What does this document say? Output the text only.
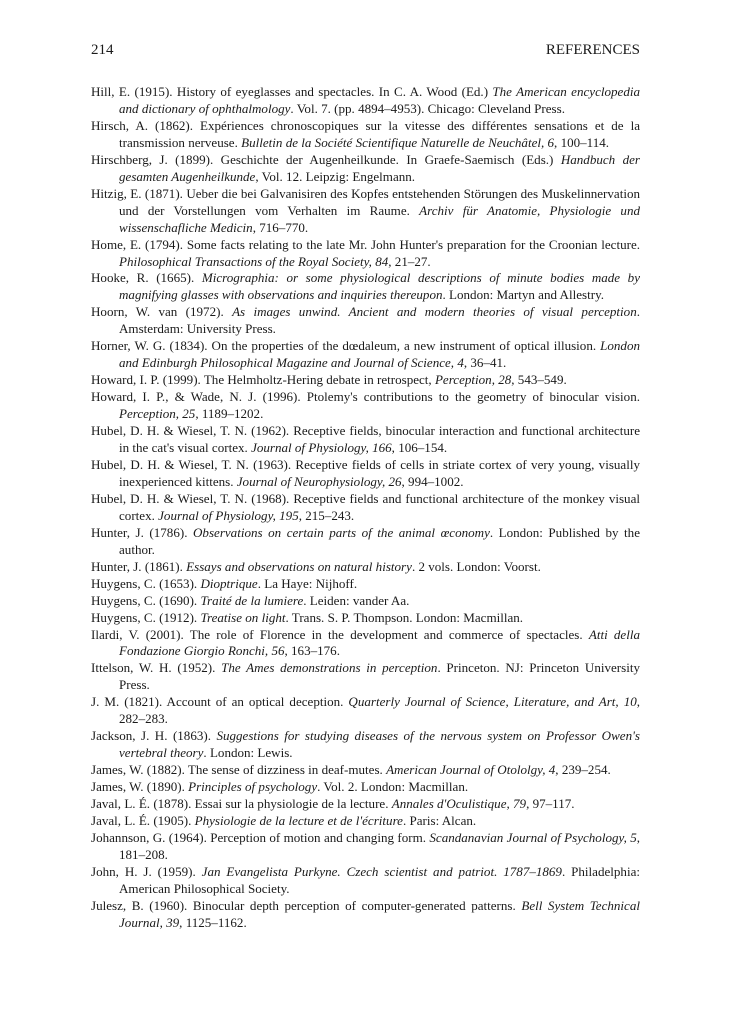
214	REFERENCES

Hill, E. (1915). History of eyeglasses and spectacles. In C. A. Wood (Ed.) The American encyclopedia and dictionary of ophthalmology. Vol. 7. (pp. 4894–4953). Chicago: Cleveland Press.

Hirsch, A. (1862). Expériences chronoscopiques sur la vitesse des différentes sensations et de la transmission nerveuse. Bulletin de la Société Scientifique Naturelle de Neuchâtel, 6, 100–114.

Hirschberg, J. (1899). Geschichte der Augenheilkunde. In Graefe-Saemisch (Eds.) Handbuch der gesamten Augenheilkunde, Vol. 12. Leipzig: Engelmann.

Hitzig, E. (1871). Ueber die bei Galvanisiren des Kopfes entstehenden Störungen des Muskelinnervation und der Vorstellungen vom Verhalten im Raume. Archiv für Anatomie, Physiologie und wissenschafliche Medicin, 716–770.

Home, E. (1794). Some facts relating to the late Mr. John Hunter's preparation for the Croonian lecture. Philosophical Transactions of the Royal Society, 84, 21–27.

Hooke, R. (1665). Micrographia: or some physiological descriptions of minute bodies made by magnifying glasses with observations and inquiries thereupon. London: Martyn and Allestry.

Hoorn, W. van (1972). As images unwind. Ancient and modern theories of visual perception. Amsterdam: University Press.

Horner, W. G. (1834). On the properties of the dœdaleum, a new instrument of optical illusion. London and Edinburgh Philosophical Magazine and Journal of Science, 4, 36–41.

Howard, I. P. (1999). The Helmholtz-Hering debate in retrospect, Perception, 28, 543–549.

Howard, I. P., & Wade, N. J. (1996). Ptolemy's contributions to the geometry of binocular vision. Perception, 25, 1189–1202.

Hubel, D. H. & Wiesel, T. N. (1962). Receptive fields, binocular interaction and functional architecture in the cat's visual cortex. Journal of Physiology, 166, 106–154.

Hubel, D. H. & Wiesel, T. N. (1963). Receptive fields of cells in striate cortex of very young, visually inexperienced kittens. Journal of Neurophysiology, 26, 994–1002.

Hubel, D. H. & Wiesel, T. N. (1968). Receptive fields and functional architecture of the monkey visual cortex. Journal of Physiology, 195, 215–243.

Hunter, J. (1786). Observations on certain parts of the animal œconomy. London: Published by the author.

Hunter, J. (1861). Essays and observations on natural history. 2 vols. London: Voorst.

Huygens, C. (1653). Dioptrique. La Haye: Nijhoff.

Huygens, C. (1690). Traité de la lumiere. Leiden: vander Aa.

Huygens, C. (1912). Treatise on light. Trans. S. P. Thompson. London: Macmillan.

Ilardi, V. (2001). The role of Florence in the development and commerce of spectacles. Atti della Fondazione Giorgio Ronchi, 56, 163–176.

Ittelson, W. H. (1952). The Ames demonstrations in perception. Princeton. NJ: Princeton University Press.

J. M. (1821). Account of an optical deception. Quarterly Journal of Science, Literature, and Art, 10, 282–283.

Jackson, J. H. (1863). Suggestions for studying diseases of the nervous system on Professor Owen's vertebral theory. London: Lewis.

James, W. (1882). The sense of dizziness in deaf-mutes. American Journal of Otololgy, 4, 239–254.

James, W. (1890). Principles of psychology. Vol. 2. London: Macmillan.

Javal, L. É. (1878). Essai sur la physiologie de la lecture. Annales d'Oculistique, 79, 97–117.

Javal, L. É. (1905). Physiologie de la lecture et de l'écriture. Paris: Alcan.

Johannson, G. (1964). Perception of motion and changing form. Scandanavian Journal of Psychology, 5, 181–208.

John, H. J. (1959). Jan Evangelista Purkyne. Czech scientist and patriot. 1787–1869. Philadelphia: American Philosophical Society.

Julesz, B. (1960). Binocular depth perception of computer-generated patterns. Bell System Technical Journal, 39, 1125–1162.
